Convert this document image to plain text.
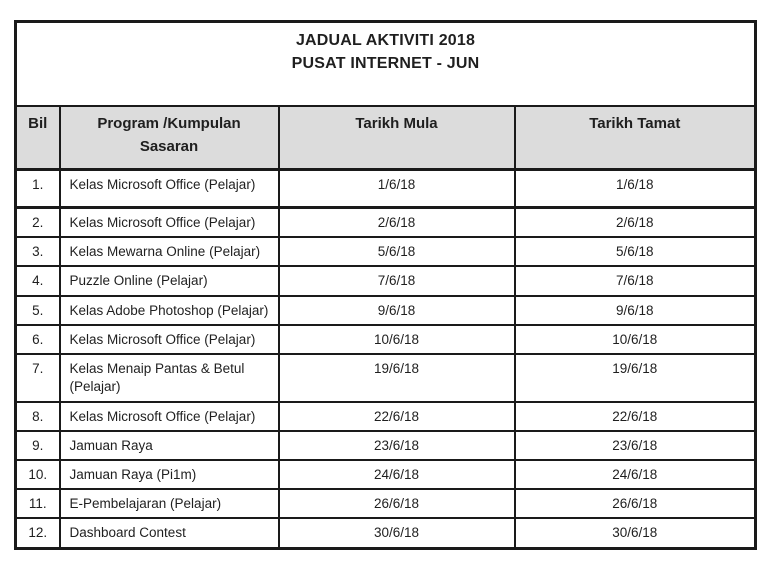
JADUAL AKTIVITI 2018
PUSAT INTERNET - JUN			

Bil	Program /Kumpulan Sasaran	Tarikh Mula	Tarikh Tamat
1.	Kelas Microsoft Office (Pelajar)	1/6/18	1/6/18
2.	Kelas Microsoft Office (Pelajar)	2/6/18	2/6/18
3.	Kelas Mewarna Online (Pelajar)	5/6/18	5/6/18
4.	Puzzle Online (Pelajar)	7/6/18	7/6/18
5.	Kelas Adobe Photoshop (Pelajar)	9/6/18	9/6/18
6.	Kelas Microsoft Office (Pelajar)	10/6/18	10/6/18
7.	Kelas Menaip Pantas & Betul (Pelajar)	19/6/18	19/6/18
8.	Kelas Microsoft Office (Pelajar)	22/6/18	22/6/18
9.	Jamuan Raya	23/6/18	23/6/18
10.	Jamuan Raya (Pi1m)	24/6/18	24/6/18
11.	E-Pembelajaran (Pelajar)	26/6/18	26/6/18
12.	Dashboard Contest	30/6/18	30/6/18
